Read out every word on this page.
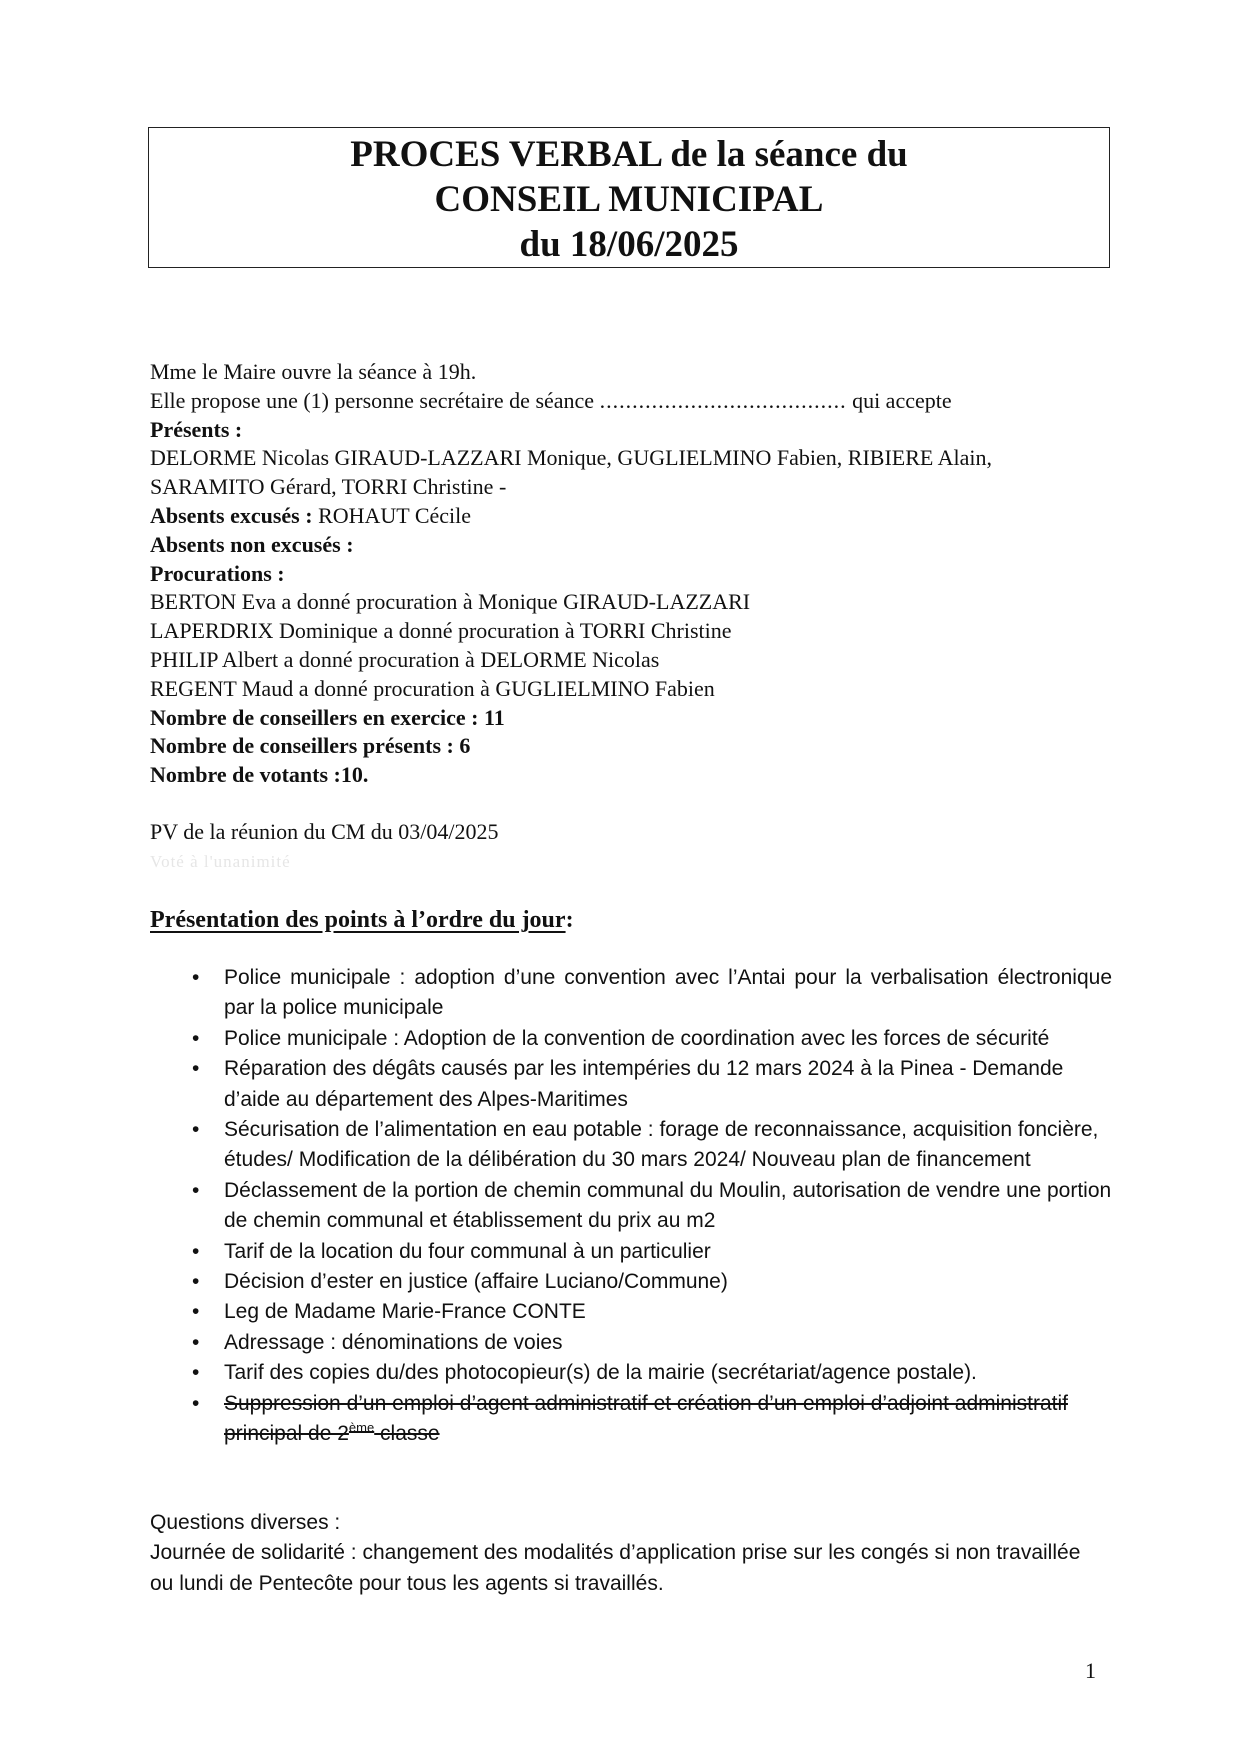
PROCES VERBAL de la séance du
CONSEIL MUNICIPAL
du 18/06/2025
Mme le Maire ouvre la séance à 19h.
Elle propose une (1) personne secrétaire de séance ...................................... qui accepte
Présents :
DELORME Nicolas GIRAUD-LAZZARI Monique, GUGLIELMINO Fabien, RIBIERE Alain,
SARAMITO Gérard, TORRI Christine -
Absents excusés : ROHAUT Cécile
Absents non excusés :
Procurations :
BERTON Eva a donné procuration à Monique GIRAUD-LAZZARI
LAPERDRIX Dominique a donné procuration à TORRI Christine
PHILIP Albert a donné procuration à DELORME Nicolas
REGENT Maud a donné procuration à GUGLIELMINO Fabien
Nombre de conseillers en exercice : 11
Nombre de conseillers présents : 6
Nombre de votants :10.
PV de la réunion du CM du 03/04/2025
Voté à l'unanimité
Présentation des points à l’ordre du jour:
• Police municipale : adoption d’une convention avec l’Antai pour la verbalisation électronique par la police municipale
• Police municipale : Adoption de la convention de coordination avec les forces de sécurité
• Réparation des dégâts causés par les intempéries du 12 mars 2024 à la Pinea - Demande d’aide au département des Alpes-Maritimes
• Sécurisation de l’alimentation en eau potable : forage de reconnaissance, acquisition foncière, études/ Modification de la délibération du 30 mars 2024/ Nouveau plan de financement
• Déclassement de la portion de chemin communal du Moulin, autorisation de vendre une portion de chemin communal et établissement du prix au m2
• Tarif de la location du four communal à un particulier
• Décision d’ester en justice (affaire Luciano/Commune)
• Leg de Madame Marie-France CONTE
• Adressage : dénominations de voies
• Tarif des copies du/des photocopieur(s) de la mairie (secrétariat/agence postale).
• Suppression d’un emploi d’agent administratif et création d’un emploi d’adjoint administratif principal de 2ème classe
Questions diverses :
Journée de solidarité : changement des modalités d’application prise sur les congés si non travaillée ou lundi de Pentecôte pour tous les agents si travaillés.
1
